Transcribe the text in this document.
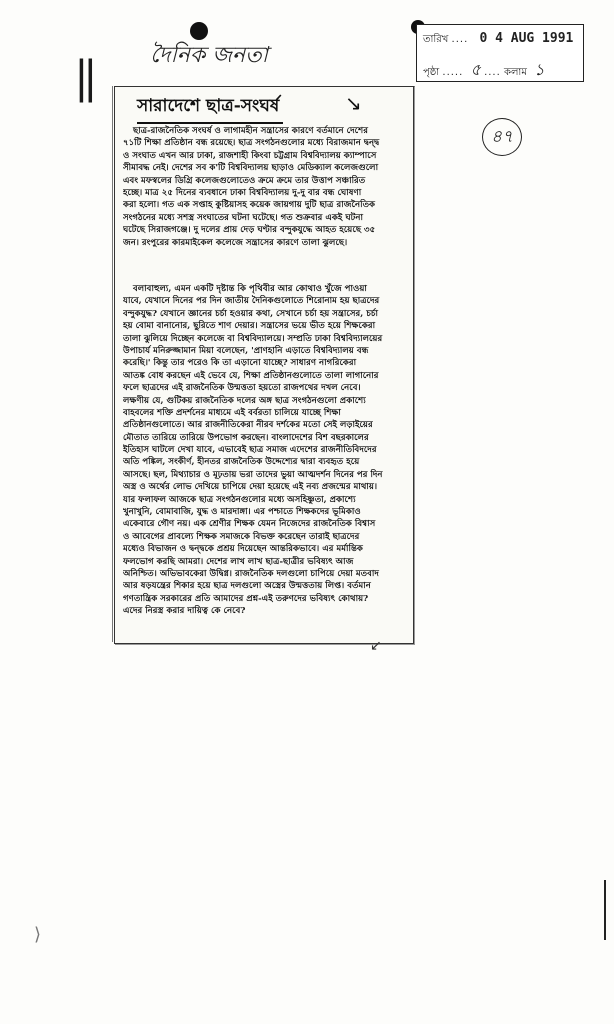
||	দৈনিক জনতা
তারিখ .... 0 4 AUG 1991
পৃষ্ঠা ..... ৫ .... কলাম ১
৪৭
সারাদেশে ছাত্র-সংঘর্ষ	↘
ছাত্র-রাজনৈতিক সংঘর্ষ ও লাগামহীন সন্ত্রাসের কারণে বর্তমানে দেশের
৭১টি শিক্ষা প্রতিষ্ঠান বন্ধ রয়েছে। ছাত্র সংগঠনগুলোর মধ্যে বিরাজমান দ্বন্দ্ব
ও সংঘাত এখন আর ঢাকা, রাজশাহী কিংবা চট্টগ্রাম বিশ্ববিদ্যালয় ক্যাম্পাসে
সীমাবদ্ধ নেই। দেশের সব ক'টি বিশ্ববিদ্যালয় ছাড়াও মেডিক্যাল কলেজগুলো
এবং মফস্বলের ডিগ্রি কলেজগুলোতেও ক্রমে ক্রমে তার উত্তাপ সঞ্চারিত
হচ্ছে। মাত্র ২৫ দিনের ব্যবধানে ঢাকা বিশ্ববিদ্যালয় দু-দু বার বন্ধ ঘোষণা
করা হলো। গত এক সপ্তাহ কুষ্টিয়াসহ কয়েক জায়গায় দুটি ছাত্র রাজনৈতিক
সংগঠনের মধ্যে সশস্ত্র সংঘাতের ঘটনা ঘটেছে। গত শুক্রবার একই ঘটনা
ঘটেছে সিরাজগঞ্জে। দু দলের প্রায় দেড় ঘণ্টার বন্দুকযুদ্ধে আহত হয়েছে ৩৫
জন। রংপুরের কারমাইকেল কলেজে সন্ত্রাসের কারণে তালা ঝুলছে।
বলাবাহুল্য, এমন একটি দৃষ্টান্ত কি পৃথিবীর আর কোথাও খুঁজে পাওয়া
যাবে, যেখানে দিনের পর দিন জাতীয় দৈনিকগুলোতে শিরোনাম হয় ছাত্রদের
বন্দুকযুদ্ধ? যেখানে জ্ঞানের চর্চা হওয়ার কথা, সেখানে চর্চা হয় সন্ত্রাসের, চর্চা
হয় বোমা বানানোর, ছুরিতে শাণ দেয়ার। সন্ত্রাসের ভয়ে ভীত হয়ে শিক্ষকেরা
তালা ঝুলিয়ে দিচ্ছেন কলেজে বা বিশ্ববিদ্যালয়ে। সম্প্রতি ঢাকা বিশ্ববিদ্যালয়ের
উপাচার্য মনিরুজ্জামান মিয়া বলেছেন, 'প্রাণহানি এড়াতে বিশ্ববিদ্যালয় বন্ধ
করেছি।' কিন্তু তার পরেও কি তা এড়ানো যাচ্ছে? সাধারণ নাগরিকেরা
আতঙ্ক বোধ করছেন এই ভেবে যে, শিক্ষা প্রতিষ্ঠানগুলোতে তালা লাগানোর
ফলে ছাত্রদের এই রাজনৈতিক উন্মত্ততা হয়তো রাজপথের দখল নেবে।
লক্ষণীয় যে, গুটিকয় রাজনৈতিক দলের অঙ্গ ছাত্র সংগঠনগুলো প্রকাশ্যে
বাহবলের শক্তি প্রদর্শনের মাধ্যমে এই বর্বরতা চালিয়ে যাচ্ছে শিক্ষা
প্রতিষ্ঠানগুলোতে। আর রাজনীতিকেরা নীরব দর্শকের মতো সেই লড়াইয়ের
মৌতাত তারিয়ে তারিয়ে উপভোগ করছেন। বাংলাদেশের বিশ বছরকালের
ইতিহাস ঘাটলে দেখা যাবে, এভাবেই ছাত্র সমাজ এদেশের রাজনীতিবিদদের
অতি পঙ্কিল, সংকীর্ণ, হীনতর রাজনৈতিক উদ্দেশ্যের দ্বারা ব্যবহৃত হয়ে
আসছে। ছল, মিথ্যাচার ও মূঢ়তায় ভরা তাদের ভুয়া আত্মদর্শন দিনের পর দিন
অস্ত্র ও অর্থের লোভ দেখিয়ে চাপিয়ে দেয়া হয়েছে এই নব্য প্রজন্মের মাথায়।
যার ফলাফল আজকে ছাত্র সংগঠনগুলোর মধ্যে অসহিষ্ণুতা, প্রকাশ্যে
খুনাখুনি, বোমাবাজি, যুদ্ধ ও মারদাঙ্গা। এর পশ্চাতে শিক্ষকদের ভূমিকাও
একেবারে গৌণ নয়। এক শ্রেণীর শিক্ষক যেমন নিজেদের রাজনৈতিক বিশ্বাস
ও আবেগের প্রাবল্যে শিক্ষক সমাজকে বিভক্ত করেছেন তারাই ছাত্রদের
মধ্যেও বিভাজন ও দ্বন্দ্বকে প্রশ্রয় দিয়েছেন আন্তরিকভাবে। এর মর্মান্তিক
ফলভোগ করছি আমরা। দেশের লাখ লাখ ছাত্র-ছাত্রীর ভবিষ্যৎ আজ
অনিশ্চিত। অভিভাবকেরা উদ্বিগ্ন। রাজনৈতিক দলগুলো চাপিয়ে দেয়া মতবাদ
আর ষড়যন্ত্রের শিকার হয়ে ছাত্র দলগুলো অস্ত্রের উন্মত্ততায় লিপ্ত। বর্তমান
গণতান্ত্রিক সরকারের প্রতি আমাদের প্রশ্ন-এই তরুণদের ভবিষ্যৎ কোথায়?
এদের নিরস্ত্র করার দায়িত্ব কে নেবে?
↙
⟩
